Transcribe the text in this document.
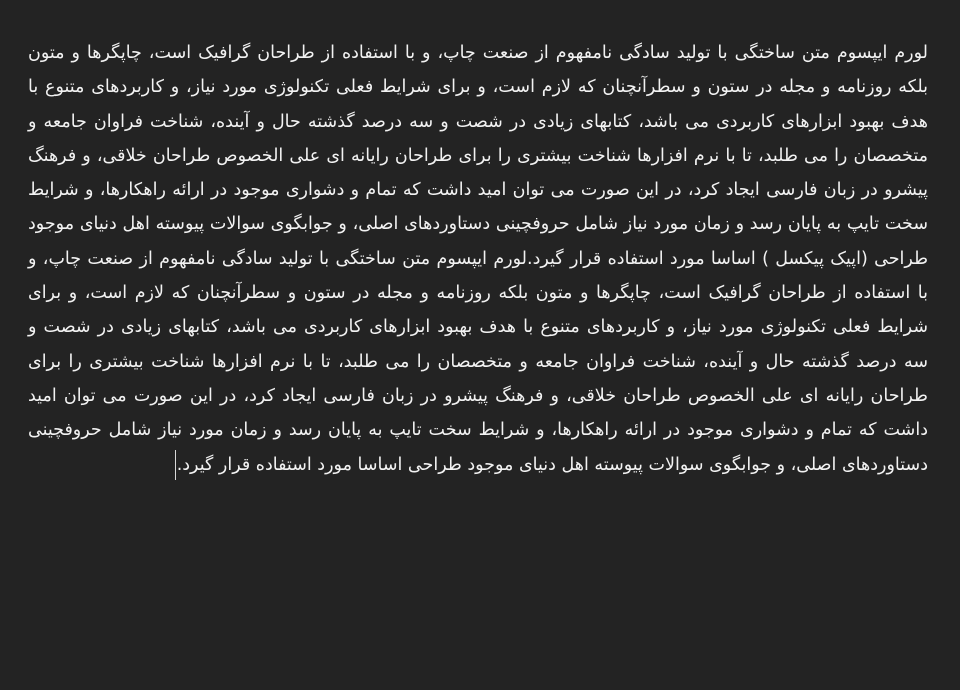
لورم ایپسوم متن ساختگی با تولید سادگی نامفهوم از صنعت چاپ، و با استفاده از طراحان گرافیک است، چاپگرها و متون بلکه روزنامه و مجله در ستون و سطرآنچنان که لازم است، و برای شرایط فعلی تکنولوژی مورد نیاز، و کاربردهای متنوع با هدف بهبود ابزارهای کاربردی می باشد، کتابهای زیادی در شصت و سه درصد گذشته حال و آینده، شناخت فراوان جامعه و متخصصان را می طلبد، تا با نرم افزارها شناخت بیشتری را برای طراحان رایانه ای علی الخصوص طراحان خلاقی، و فرهنگ پیشرو در زبان فارسی ایجاد کرد، در این صورت می توان امید داشت که تمام و دشواری موجود در ارائه راهکارها، و شرایط سخت تایپ به پایان رسد و زمان مورد نیاز شامل حروفچینی دستاوردهای اصلی، و جوابگوی سوالات پیوسته اهل دنیای موجود طراحی (اپیک پیکسل ) اساسا مورد استفاده قرار گیرد.لورم ایپسوم متن ساختگی با تولید سادگی نامفهوم از صنعت چاپ، و با استفاده از طراحان گرافیک است، چاپگرها و متون بلکه روزنامه و مجله در ستون و سطرآنچنان که لازم است، و برای شرایط فعلی تکنولوژی مورد نیاز، و کاربردهای متنوع با هدف بهبود ابزارهای کاربردی می باشد، کتابهای زیادی در شصت و سه درصد گذشته حال و آینده، شناخت فراوان جامعه و متخصصان را می طلبد، تا با نرم افزارها شناخت بیشتری را برای طراحان رایانه ای علی الخصوص طراحان خلاقی، و فرهنگ پیشرو در زبان فارسی ایجاد کرد، در این صورت می توان امید داشت که تمام و دشواری موجود در ارائه راهکارها، و شرایط سخت تایپ به پایان رسد و زمان مورد نیاز شامل حروفچینی دستاوردهای اصلی، و جوابگوی سوالات پیوسته اهل دنیای موجود طراحی اساسا مورد استفاده قرار گیرد.
